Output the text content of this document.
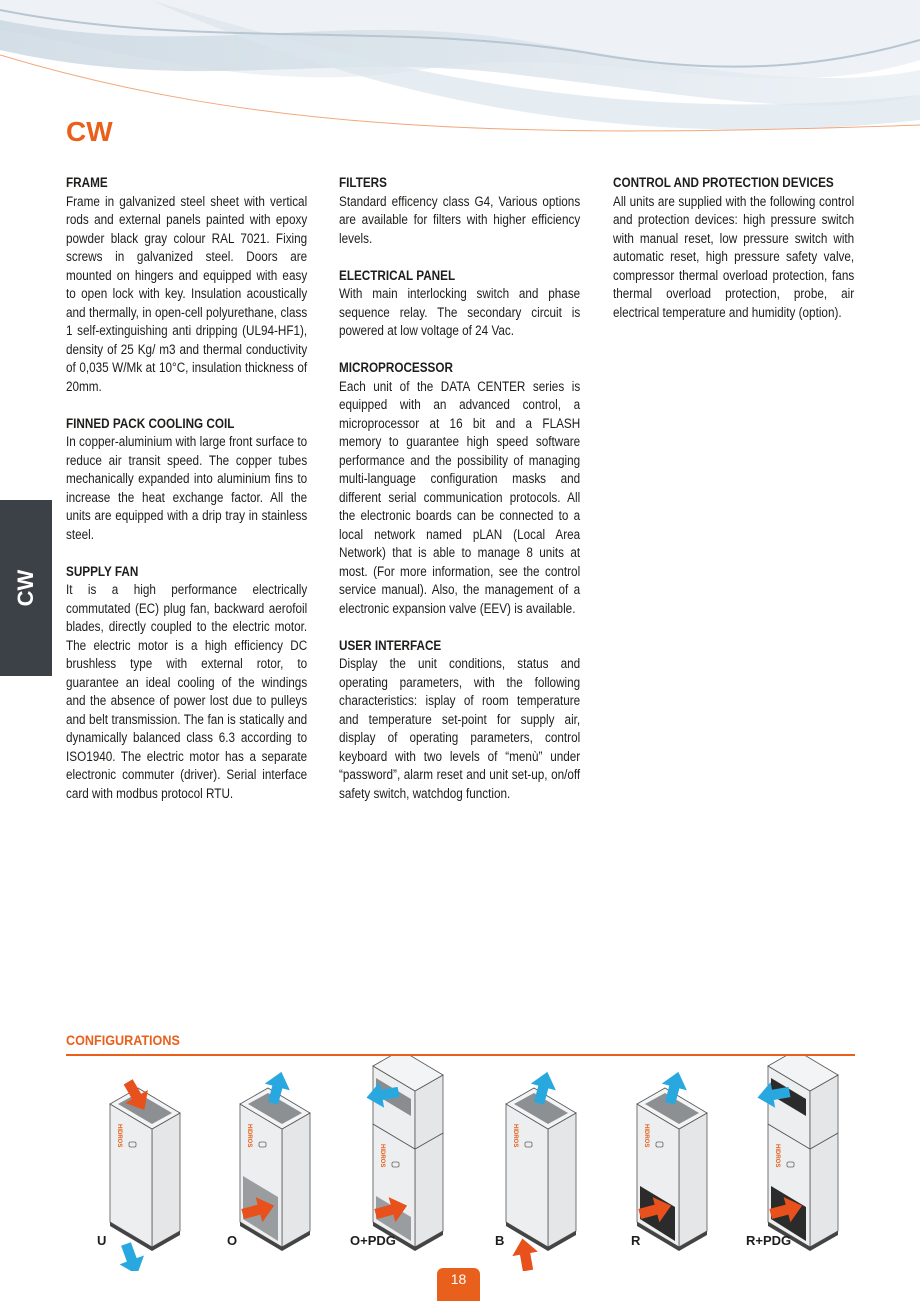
CW
FRAME

Frame in galvanized steel sheet with vertical rods and external panels painted with epoxy powder black gray colour RAL 7021. Fixing screws in galvanized steel. Doors are mounted on hingers and equipped with easy to open lock with key. Insulation acoustically and thermally, in open-cell polyurethane, class 1 self-extinguishing anti dripping (UL94-HF1), density of 25 Kg/ m3 and thermal conductivity of 0,035 W/Mk at 10°C, insulation thickness of 20mm.

FINNED PACK COOLING COIL

In copper-aluminium with large front surface to reduce air transit speed. The copper tubes mechanically expanded into aluminium fins to increase the heat exchange factor. All the units are equipped with a drip tray in stainless steel.

SUPPLY FAN

It is a high performance electrically commutated (EC) plug fan, backward aerofoil blades, directly coupled to the electric motor. The electric motor is a high efficiency DC brushless type with external rotor, to guarantee an ideal cooling of the windings and the absence of power lost due to pulleys and belt transmission. The fan is statically and dynamically balanced class 6.3 according to ISO1940. The electric motor has a separate electronic commuter (driver). Serial interface card with modbus protocol RTU.

FILTERS

Standard efficency class G4, Various options are available for filters with higher efficiency levels.

ELECTRICAL PANEL

With main interlocking switch and phase sequence relay. The secondary circuit is powered at low voltage of 24 Vac.

MICROPROCESSOR

Each unit of the DATA CENTER series is equipped with an advanced control, a microprocessor at 16 bit and a FLASH memory to guarantee high speed software performance and the possibility of managing multi-language configuration masks and different serial communication protocols. All the electronic boards can be connected to a local network named pLAN (Local Area Network) that is able to manage 8 units at most. (For more information, see the control service manual). Also, the management of a electronic expansion valve (EEV) is available.

USER INTERFACE

Display the unit conditions, status and operating parameters, with the following characteristics: isplay of room temperature and temperature set-point for supply air, display of operating parameters, control keyboard with two levels of “menù” under “password”, alarm reset and unit set-up, on/off safety switch, watchdog function.

CONTROL AND PROTECTION DEVICES

All units are supplied with the following control and protection devices: high pressure switch with manual reset, low pressure switch with automatic reset, high pressure safety valve, compressor thermal overload protection, fans thermal overload protection, probe, air electrical temperature and humidity (option).

CW
CONFIGURATIONS
HIDROS	HIDROS
HIDROS
HIDROS	HIDROS
HIDROS
U	O	O+PDG	B	R	R+PDG
18
